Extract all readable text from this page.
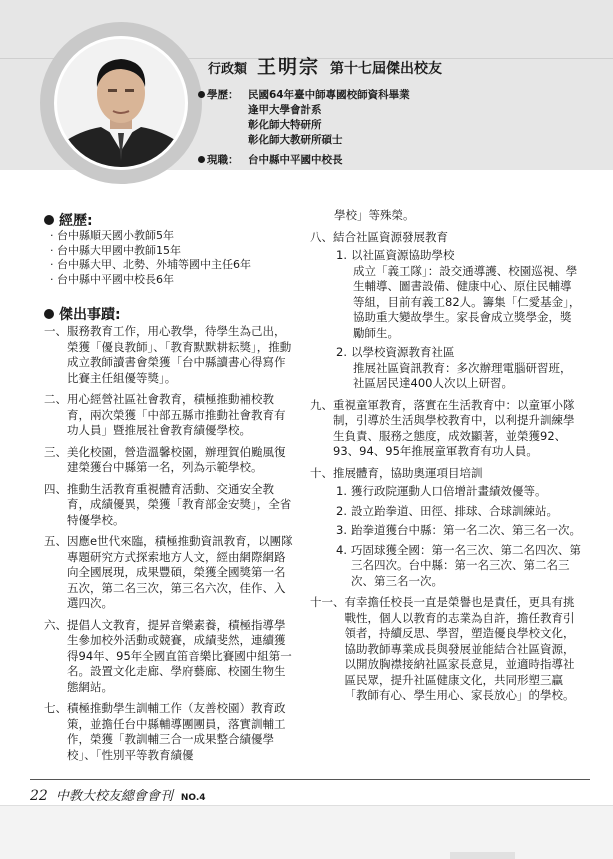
行政類 王明宗 第十七屆傑出校友
學歷： 民國64年臺中師專國校師資科畢業
逢甲大學會計系
彰化師大特研所
彰化師大教研所碩士
現職： 台中縣中平國中校長
經歷:
· 台中縣順天國小教師5年
· 台中縣大甲國中教師15年
· 台中縣大甲、北勢、外埔等國中主任6年
· 台中縣中平國中校長6年
傑出事蹟:
一、 服務教育工作，用心教學，待學生為己出，榮獲「優良教師」、「教育默默耕耘獎」，推動成立教師讀書會榮獲「台中縣讀書心得寫作比賽主任組優等獎」。
二、 用心經營社區社會教育，積極推動補校教育，兩次榮獲「中部五縣市推動社會教育有功人員」暨推展社會教育績優學校。
三、 美化校園，營造溫馨校園，辦理賀伯颱風復建榮獲台中縣第一名，列為示範學校。
四、 推動生活教育重視體育活動、交通安全教育，成績優異，榮獲「教育部金安獎」，全省特優學校。
五、 因應e世代來臨，積極推動資訊教育，以團隊專題研究方式探索地方人文，經由網際網路向全國展現，成果豐碩，榮獲全國獎第一名五次，第二名三次，第三名六次，佳作、入選四次。
六、 提倡人文教育，提昇音樂素養，積極指導學生參加校外活動或競賽，成績斐然，連續獲得94年、95年全國直笛音樂比賽國中組第一名。設置文化走廊、學府藝廊、校園生物生態網站。
七、 積極推動學生訓輔工作（友善校園）教育政策，並擔任台中縣輔導團團員，落實訓輔工作，榮獲「教訓輔三合一成果整合績優學校」、「性別平等教育績優
學校」等殊榮。
八、 結合社區資源發展教育
1. 以社區資源協助學校

成立「義工隊」：設交通導護、校園巡視、學生輔導、圖書設備、健康中心、原住民輔導等組，目前有義工82人。籌集「仁愛基金」，協助重大變故學生。家長會成立獎學金，獎勵師生。
2. 以學校資源教育社區

推展社區資訊教育：多次辦理電腦研習班，社區居民達400人次以上研習。
九、 重視童軍教育，落實在生活教育中：以童軍小隊制，引導於生活與學校教育中，以利提升訓練學生負責、服務之態度，成效顯著，並榮獲92、93、94、95年推展童軍教育有功人員。
十、 推展體育，協助奧運項目培訓
1. 獲行政院運動人口倍增計畫績效優等。
2. 設立跆拳道、田徑、排球、合球訓練站。
3. 跆拳道獲台中縣：第一名二次、第三名一次。
4. 巧固球獲全國：第一名三次、第二名四次、第三名四次。台中縣：第一名三次、第二名三次、第三名一次。
十一、 有幸擔任校長一直是榮譽也是責任，更具有挑戰性，個人以教育的志業為自許，擔任教育引領者，持續反思、學習，塑造優良學校文化，協助教師專業成長與發展並能結合社區資源，以開放胸襟接納社區家長意見，並適時指導社區民眾，提升社區健康文化，共同形塑三贏「教師有心、學生用心、家長放心」的學校。
22 中教大校友總會會刊 NO.4
